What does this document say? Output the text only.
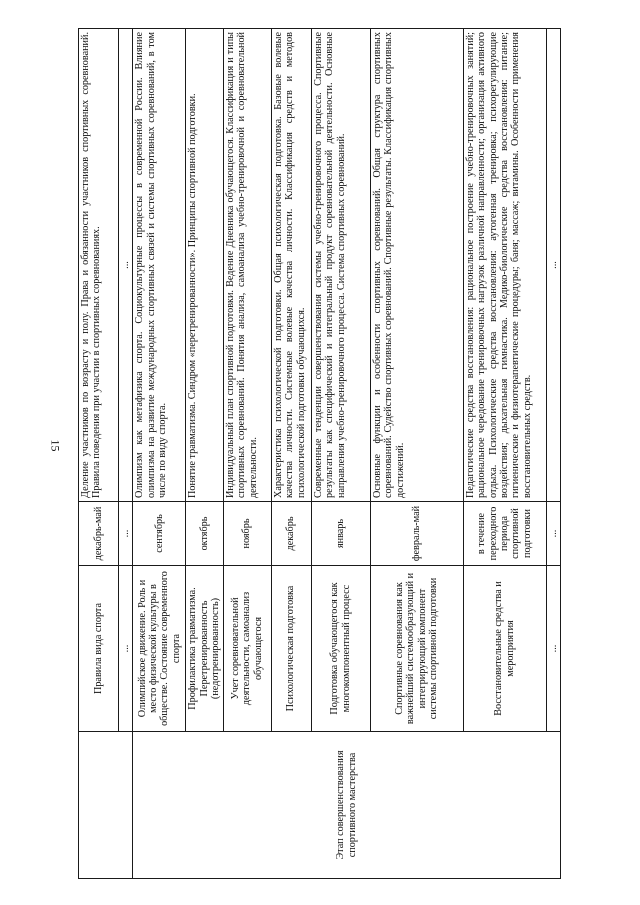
15
	Правила вида спорта	декабрь-май	Деление участников по возрасту и полу. Права и обязанности участников спортивных соревнований. Правила поведения при участии в спортивных соревнованиях.
	...	...	...
Этап совершенствования спортивного мастерства	Олимпийское движение. Роль и место физической культуры в обществе. Состояние современного спорта	сентябрь	Олимпизм как метафизика спорта. Социокультурные процессы в современной России. Влияние олимпизма на развитие международных спортивных связей и системы спортивных соревнований, в том числе по виду спорта.
	Профилактика травматизма. Перетренированность (недотренированность)	октябрь	Понятие травматизма. Синдром «перетренированности». Принципы спортивной подготовки.
	Учет соревновательной деятельности, самоанализ обучающегося	ноябрь	Индивидуальный план спортивной подготовки. Ведение Дневника обучающегося. Классификация и типы спортивных соревнований. Понятия анализа, самоанализа учебно-тренировочной и соревновательной деятельности.
	Психологическая подготовка	декабрь	Характеристика психологической подготовки. Общая психологическая подготовка. Базовые волевые качества личности. Системные волевые качества личности. Классификация средств и методов психологической подготовки обучающихся.
	Подготовка обучающегося как многокомпонентный процесс	январь	Современные тенденции совершенствования системы учебно-тренировочного процесса. Спортивные результаты как специфический и интегральный продукт соревновательной деятельности. Основные направления учебно-тренировочного процесса. Система спортивных соревнований.
	Спортивные соревнования как важнейший системообразующий и интегрирующий компонент системы спортивной подготовки	февраль-май	Основные функции и особенности спортивных соревнований. Общая структура спортивных соревнований. Судейство спортивных соревнований. Спортивные результаты. Классификация спортивных достижений.
	Восстановительные средства и мероприятия	в течение переходного периода спортивной подготовки	Педагогические средства восстановления: рациональное построение учебно-тренировочных занятий; рациональное чередование тренировочных нагрузок различной направленности; организация активного отдыха. Психологические средства восстановления: аутогенная тренировка; психорегулирующие воздействия; дыхательная гимнастика. Медико-биологические средства восстановления: питание; гигиенические и физиотерапевтические процедуры; баня; массаж; витамины. Особенности применения восстановительных средств.
	...	...	...
